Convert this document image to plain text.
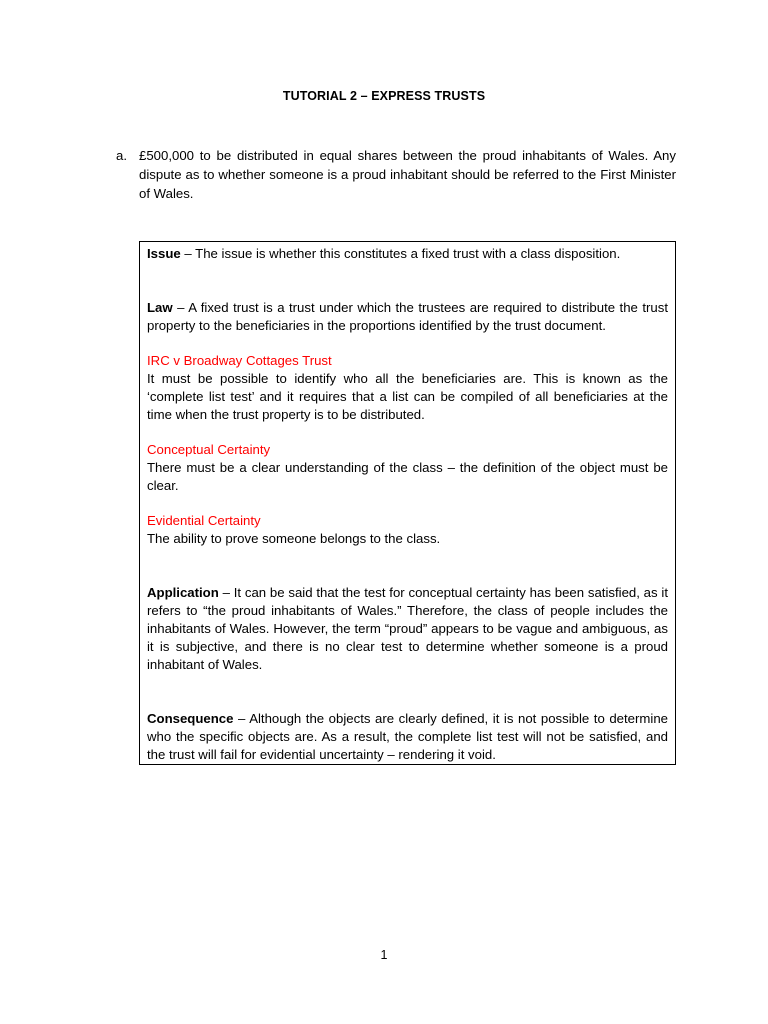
TUTORIAL 2 – EXPRESS TRUSTS
a. £500,000 to be distributed in equal shares between the proud inhabitants of Wales. Any dispute as to whether someone is a proud inhabitant should be referred to the First Minister of Wales.

Issue – The issue is whether this constitutes a fixed trust with a class disposition.

Law – A fixed trust is a trust under which the trustees are required to distribute the trust property to the beneficiaries in the proportions identified by the trust document.

IRC v Broadway Cottages Trust

It must be possible to identify who all the beneficiaries are. This is known as the ‘complete list test’ and it requires that a list can be compiled of all beneficiaries at the time when the trust property is to be distributed.

Conceptual Certainty

There must be a clear understanding of the class – the definition of the object must be clear.

Evidential Certainty

The ability to prove someone belongs to the class.

Application – It can be said that the test for conceptual certainty has been satisfied, as it refers to “the proud inhabitants of Wales.” Therefore, the class of people includes the inhabitants of Wales. However, the term “proud” appears to be vague and ambiguous, as it is subjective, and there is no clear test to determine whether someone is a proud inhabitant of Wales.

Consequence – Although the objects are clearly defined, it is not possible to determine who the specific objects are. As a result, the complete list test will not be satisfied, and the trust will fail for evidential uncertainty – rendering it void.

1
